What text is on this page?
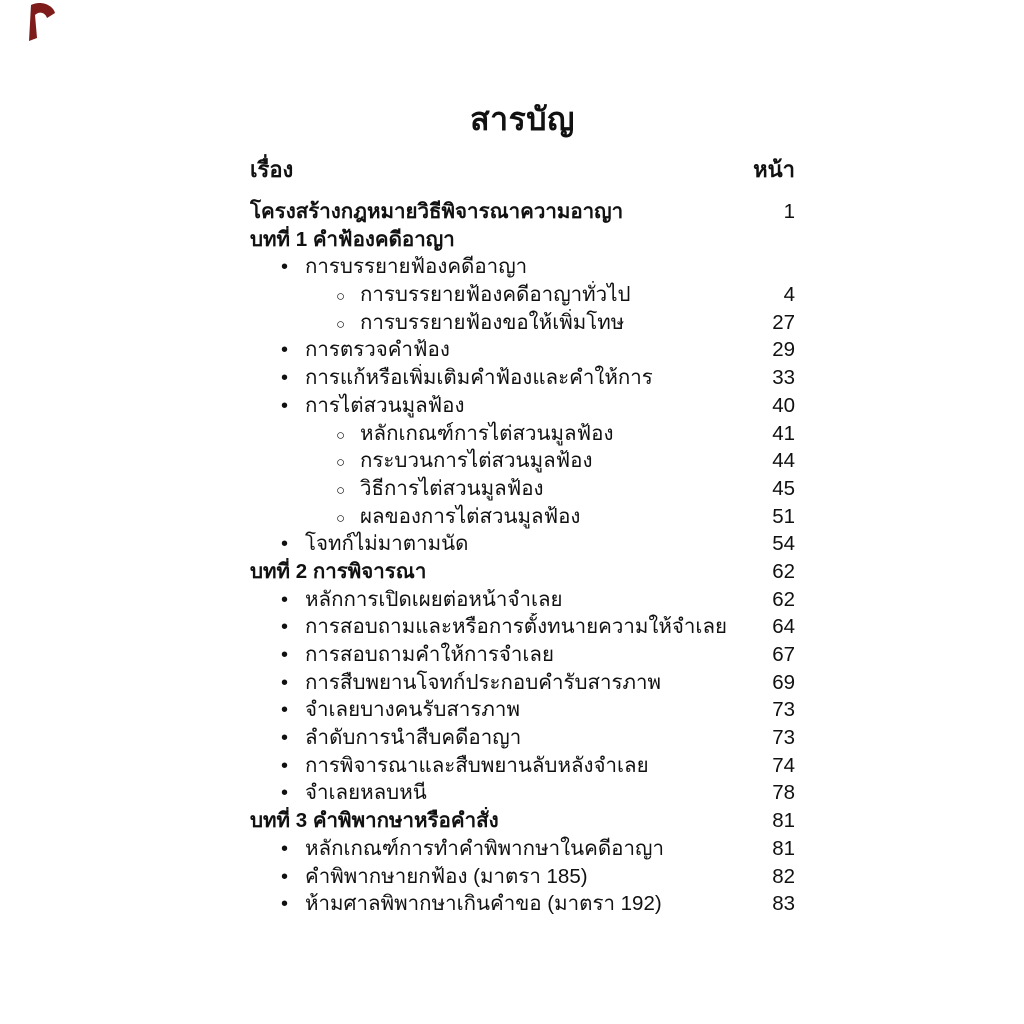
สารบัญ
เรื่อง	หน้า
โครงสร้างกฎหมายวิธีพิจารณาความอาญา	1
บทที่ 1 คำฟ้องคดีอาญา
• การบรรยายฟ้องคดีอาญา
○ การบรรยายฟ้องคดีอาญาทั่วไป	4
○ การบรรยายฟ้องขอให้เพิ่มโทษ	27
• การตรวจคำฟ้อง	29
• การแก้หรือเพิ่มเติมคำฟ้องและคำให้การ	33
• การไต่สวนมูลฟ้อง	40
○ หลักเกณฑ์การไต่สวนมูลฟ้อง	41
○ กระบวนการไต่สวนมูลฟ้อง	44
○ วิธีการไต่สวนมูลฟ้อง	45
○ ผลของการไต่สวนมูลฟ้อง	51
• โจทก์ไม่มาตามนัด	54
บทที่ 2 การพิจารณา	62
• หลักการเปิดเผยต่อหน้าจำเลย	62
• การสอบถามและหรือการตั้งทนายความให้จำเลย	64
• การสอบถามคำให้การจำเลย	67
• การสืบพยานโจทก์ประกอบคำรับสารภาพ	69
• จำเลยบางคนรับสารภาพ	73
• ลำดับการนำสืบคดีอาญา	73
• การพิจารณาและสืบพยานลับหลังจำเลย	74
• จำเลยหลบหนี	78
บทที่ 3 คำพิพากษาหรือคำสั่ง	81
• หลักเกณฑ์การทำคำพิพากษาในคดีอาญา	81
• คำพิพากษายกฟ้อง (มาตรา 185)	82
• ห้ามศาลพิพากษาเกินคำขอ (มาตรา 192)	83
